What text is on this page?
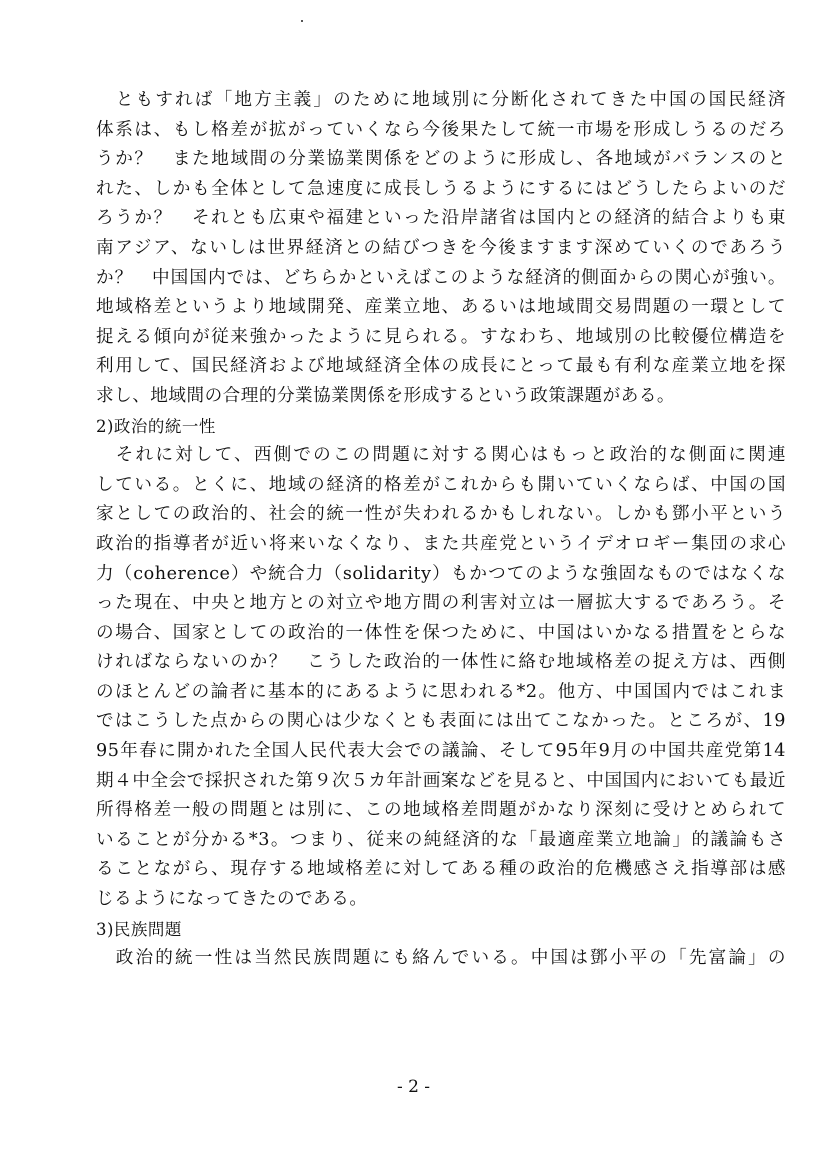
　ともすれば「地方主義」のために地域別に分断化されてきた中国の国民経済
体系は、もし格差が拡がっていくなら今後果たして統一市場を形成しうるのだろ
うか？　また地域間の分業協業関係をどのように形成し、各地域がバランスのと
れた、しかも全体として急速度に成長しうるようにするにはどうしたらよいのだ
ろうか？　それとも広東や福建といった沿岸諸省は国内との経済的結合よりも東
南アジア、ないしは世界経済との結びつきを今後ますます深めていくのであろう
か？　中国国内では、どちらかといえばこのような経済的側面からの関心が強い。
地域格差というより地域開発、産業立地、あるいは地域間交易問題の一環として
捉える傾向が従来強かったように見られる。すなわち、地域別の比較優位構造を
利用して、国民経済および地域経済全体の成長にとって最も有利な産業立地を探
求し、地域間の合理的分業協業関係を形成するという政策課題がある。
2)政治的統一性
　それに対して、西側でのこの問題に対する関心はもっと政治的な側面に関連
している。とくに、地域の経済的格差がこれからも開いていくならば、中国の国
家としての政治的、社会的統一性が失われるかもしれない。しかも鄧小平という
政治的指導者が近い将来いなくなり、また共産党というイデオロギー集団の求心
力（coherence）や統合力（solidarity）もかつてのような強固なものではなくな
った現在、中央と地方との対立や地方間の利害対立は一層拡大するであろう。そ
の場合、国家としての政治的一体性を保つために、中国はいかなる措置をとらな
ければならないのか？　こうした政治的一体性に絡む地域格差の捉え方は、西側
のほとんどの論者に基本的にあるように思われる*2。他方、中国国内ではこれま
ではこうした点からの関心は少なくとも表面には出てこなかった。ところが、19
95年春に開かれた全国人民代表大会での議論、そして95年9月の中国共産党第14
期４中全会で採択された第９次５カ年計画案などを見ると、中国国内においても最近
所得格差一般の問題とは別に、この地域格差問題がかなり深刻に受けとめられて
いることが分かる*3。つまり、従来の純経済的な「最適産業立地論」的議論もさ
ることながら、現存する地域格差に対してある種の政治的危機感さえ指導部は感
じるようになってきたのである。
3)民族問題
　政治的統一性は当然民族問題にも絡んでいる。中国は鄧小平の「先富論」の
- 2 -
